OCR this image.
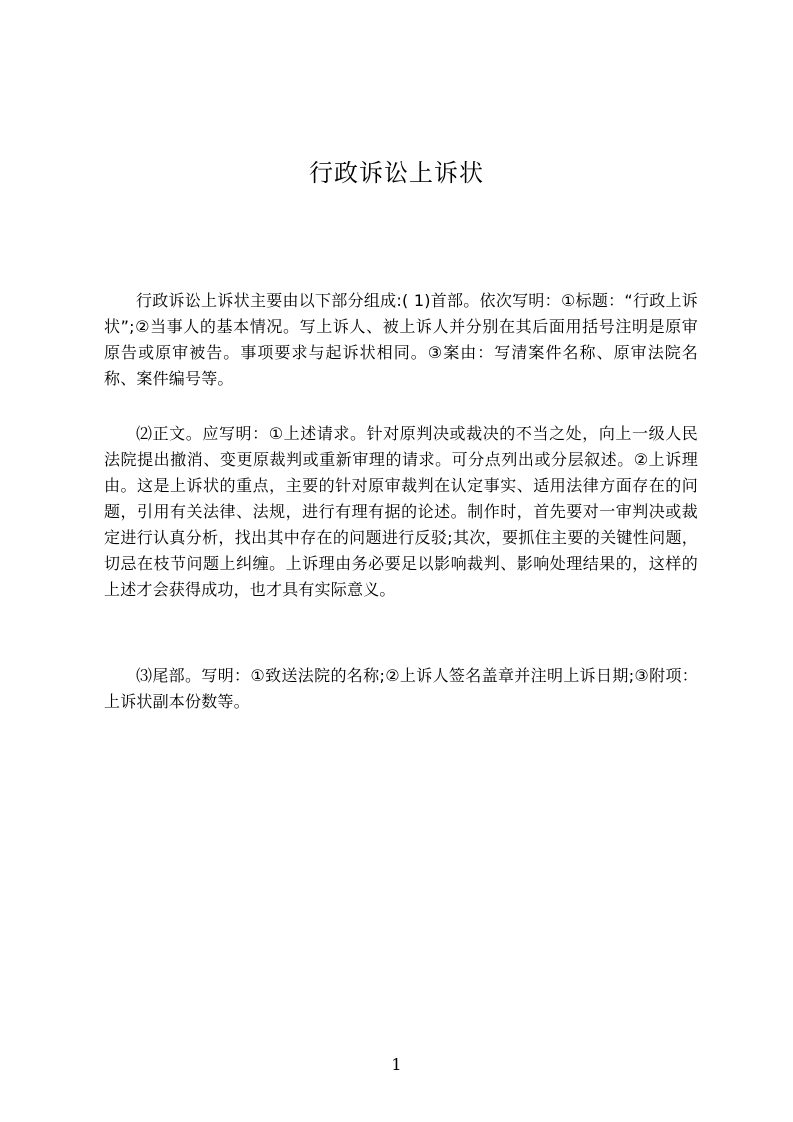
行政诉讼上诉状

行政诉讼上诉状主要由以下部分组成:( 1)首部。依次写明：①标题：“行政上诉状”;②当事人的基本情况。写上诉人、被上诉人并分别在其后面用括号注明是原审原告或原审被告。事项要求与起诉状相同。③案由：写清案件名称、原审法院名称、案件编号等。

⑵正文。应写明：①上述请求。针对原判决或裁决的不当之处，向上一级人民法院提出撤消、变更原裁判或重新审理的请求。可分点列出或分层叙述。②上诉理由。这是上诉状的重点，主要的针对原审裁判在认定事实、适用法律方面存在的问题，引用有关法律、法规，进行有理有据的论述。制作时，首先要对一审判决或裁定进行认真分析，找出其中存在的问题进行反驳;其次，要抓住主要的关键性问题，切忌在枝节问题上纠缠。上诉理由务必要足以影响裁判、影响处理结果的，这样的上述才会获得成功，也才具有实际意义。

⑶尾部。写明：①致送法院的名称;②上诉人签名盖章并注明上诉日期;③附项：上诉状副本份数等。

1
